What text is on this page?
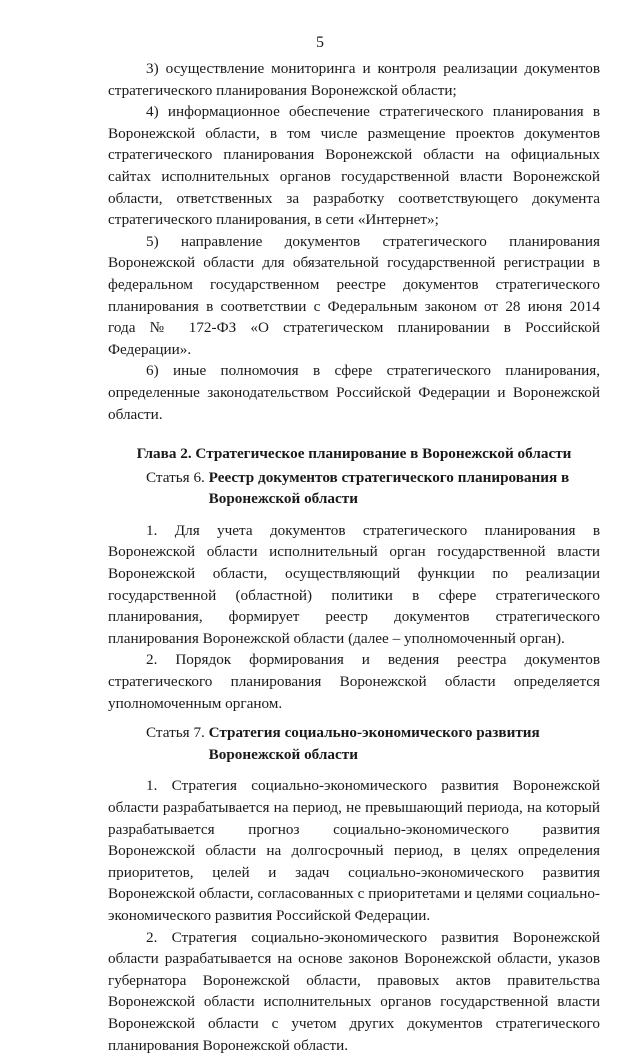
5

3) осуществление мониторинга и контроля реализации документов стратегического планирования Воронежской области;

4) информационное обеспечение стратегического планирования в Воронежской области, в том числе размещение проектов документов стратегического планирования Воронежской области на официальных сайтах исполнительных органов государственной власти Воронежской области, ответственных за разработку соответствующего документа стратегического планирования, в сети «Интернет»;

5) направление документов стратегического планирования Воронежской области для обязательной государственной регистрации в федеральном государственном реестре документов стратегического планирования в соответствии с Федеральным законом от 28 июня 2014 года № 172-ФЗ «О стратегическом планировании в Российской Федерации».

6) иные полномочия в сфере стратегического планирования, определенные законодательством Российской Федерации и Воронежской области.

Глава 2. Стратегическое планирование в Воронежской области

Статья 6. Реестр документов стратегического планирования в
Воронежской области

1. Для учета документов стратегического планирования в Воронежской области исполнительный орган государственной власти Воронежской области, осуществляющий функции по реализации государственной (областной) политики в сфере стратегического планирования, формирует реестр документов стратегического планирования Воронежской области (далее – уполномоченный орган).

2. Порядок формирования и ведения реестра документов стратегического планирования Воронежской области определяется уполномоченным органом.

Статья 7. Стратегия социально-экономического развития
Воронежской области

1. Стратегия социально-экономического развития Воронежской области разрабатывается на период, не превышающий периода, на который разрабатывается прогноз социально-экономического развития Воронежской области на долгосрочный период, в целях определения приоритетов, целей и задач социально-экономического развития Воронежской области, согласованных с приоритетами и целями социально-экономического развития Российской Федерации.

2. Стратегия социально-экономического развития Воронежской области разрабатывается на основе законов Воронежской области, указов губернатора Воронежской области, правовых актов правительства Воронежской области исполнительных органов государственной власти Воронежской области с учетом других документов стратегического планирования Воронежской области.
